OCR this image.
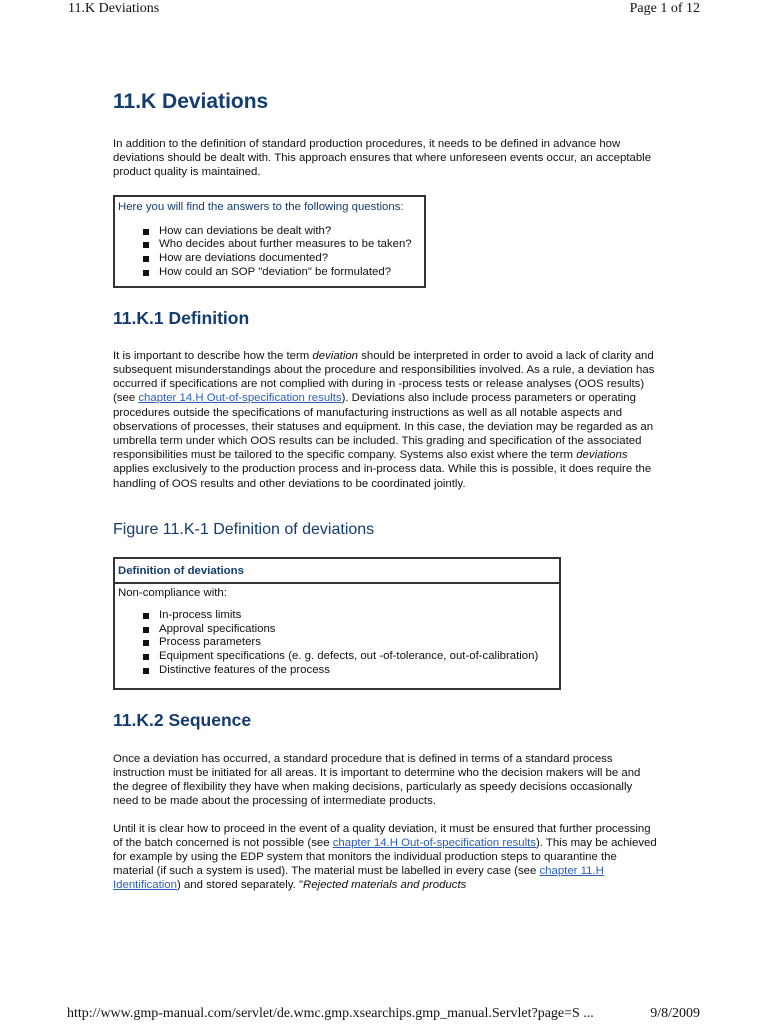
11.K Deviations	Page 1 of 12
11.K Deviations

In addition to the definition of standard production procedures, it needs to be defined in advance how deviations should be dealt with. This approach ensures that where unforeseen events occur, an acceptable product quality is maintained.

Here you will find the answers to the following questions:
How can deviations be dealt with?
Who decides about further measures to be taken?
How are deviations documented?
How could an SOP "deviation" be formulated?
11.K.1 Definition

It is important to describe how the term deviation should be interpreted in order to avoid a lack of clarity and subsequent misunderstandings about the procedure and responsibilities involved. As a rule, a deviation has occurred if specifications are not complied with during in -process tests or release analyses (OOS results) (see chapter 14.H Out-of-specification results). Deviations also include process parameters or operating procedures outside the specifications of manufacturing instructions as well as all notable aspects and observations of processes, their statuses and equipment. In this case, the deviation may be regarded as an umbrella term under which OOS results can be included. This grading and specification of the associated responsibilities must be tailored to the specific company. Systems also exist where the term deviations applies exclusively to the production process and in-process data. While this is possible, it does require the handling of OOS results and other deviations to be coordinated jointly.

Figure 11.K-1 Definition of deviations
Definition of deviations
Non-compliance with:
In-process limits
Approval specifications
Process parameters
Equipment specifications (e. g. defects, out -of-tolerance, out-of-calibration)
Distinctive features of the process
11.K.2 Sequence

Once a deviation has occurred, a standard procedure that is defined in terms of a standard process instruction must be initiated for all areas. It is important to determine who the decision makers will be and the degree of flexibility they have when making decisions, particularly as speedy decisions occasionally need to be made about the processing of intermediate products.

Until it is clear how to proceed in the event of a quality deviation, it must be ensured that further processing of the batch concerned is not possible (see chapter 14.H Out-of-specification results). This may be achieved for example by using the EDP system that monitors the individual production steps to quarantine the material (if such a system is used). The material must be labelled in every case (see chapter 11.H Identification) and stored separately. "Rejected materials and products

http://www.gmp-manual.com/servlet/de.wmc.gmp.xsearchips.gmp_manual.Servlet?page=S ...	9/8/2009
